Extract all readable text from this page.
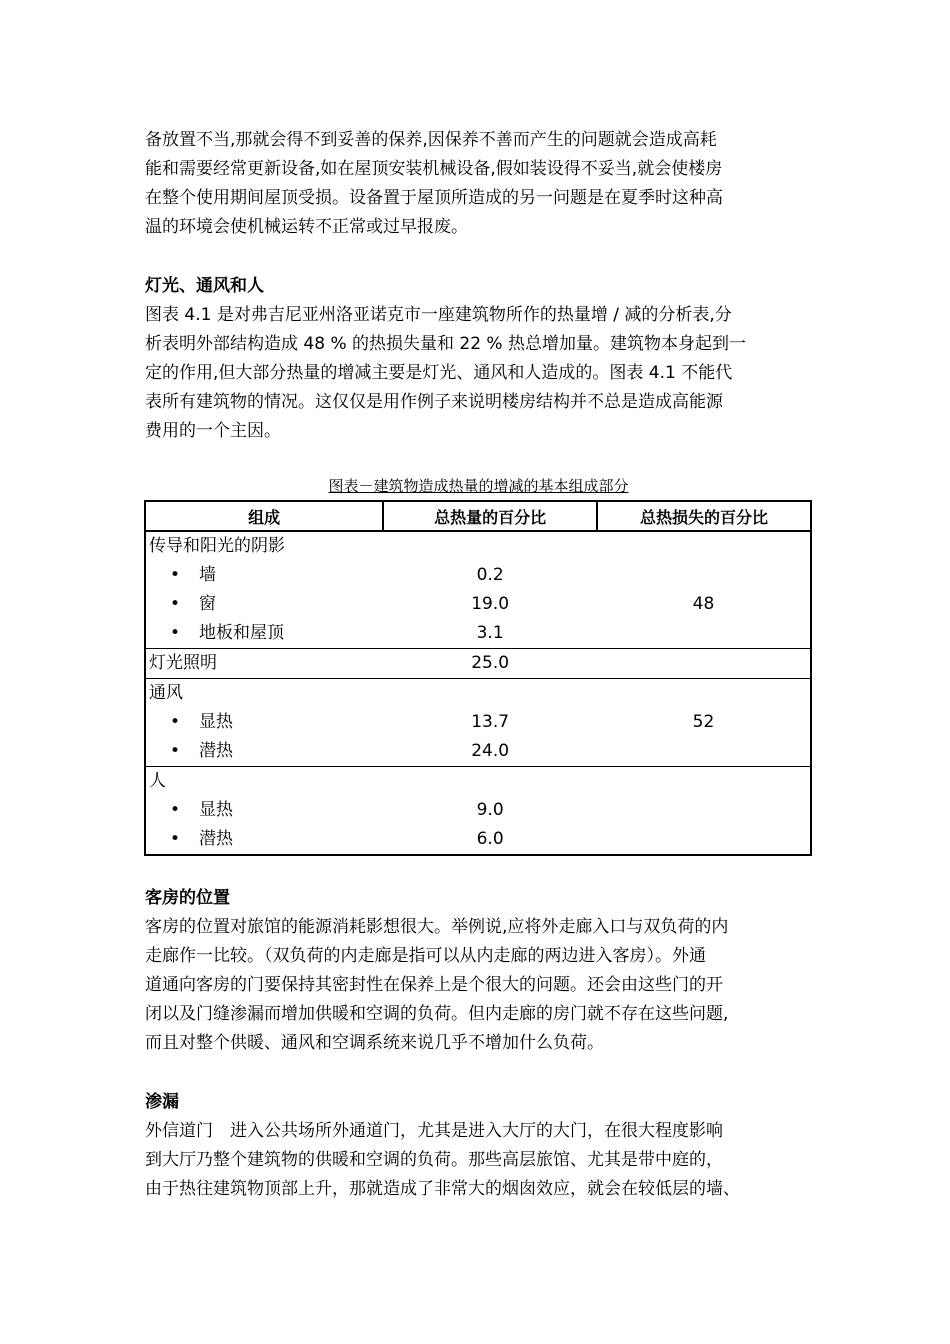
备放置不当,那就会得不到妥善的保养,因保养不善而产生的问题就会造成高耗
能和需要经常更新设备,如在屋顶安装机械设备,假如装设得不妥当,就会使楼房
在整个使用期间屋顶受损。设备置于屋顶所造成的另一问题是在夏季时这种高
温的环境会使机械运转不正常或过早报废。
灯光、通风和人
图表 4.1 是对弗吉尼亚州洛亚诺克市一座建筑物所作的热量增 / 减的分析表,分
析表明外部结构造成 48 % 的热损失量和 22 % 热总增加量。建筑物本身起到一
定的作用,但大部分热量的增减主要是灯光、通风和人造成的。图表 4.1 不能代
表所有建筑物的情况。这仅仅是用作例子来说明楼房结构并不总是造成高能源
费用的一个主因。
图表－建筑物造成热量的增减的基本组成部分
组成	总热量的百分比	总热损失的百分比
传导和阳光的阴影		
• 墙	0.2	
• 窗	19.0	48
• 地板和屋顶	3.1	
灯光照明	25.0	
通风		
• 显热	13.7	52
• 潜热	24.0	
人		
• 显热	9.0	
• 潜热	6.0	
客房的位置
客房的位置对旅馆的能源消耗影想很大。举例说,应将外走廊入口与双负荷的内
走廊作一比较。（双负荷的内走廊是指可以从内走廊的两边进入客房）。外通
道通向客房的门要保持其密封性在保养上是个很大的问题。还会由这些门的开
闭以及门缝渗漏而增加供暖和空调的负荷。但内走廊的房门就不存在这些问题,
而且对整个供暖、通风和空调系统来说几乎不增加什么负荷。
渗漏
外信道门　进入公共场所外通道门，尤其是进入大厅的大门，在很大程度影响
到大厅乃整个建筑物的供暖和空调的负荷。那些高层旅馆、尤其是带中庭的，
由于热往建筑物顶部上升，那就造成了非常大的烟囱效应，就会在较低层的墙、
